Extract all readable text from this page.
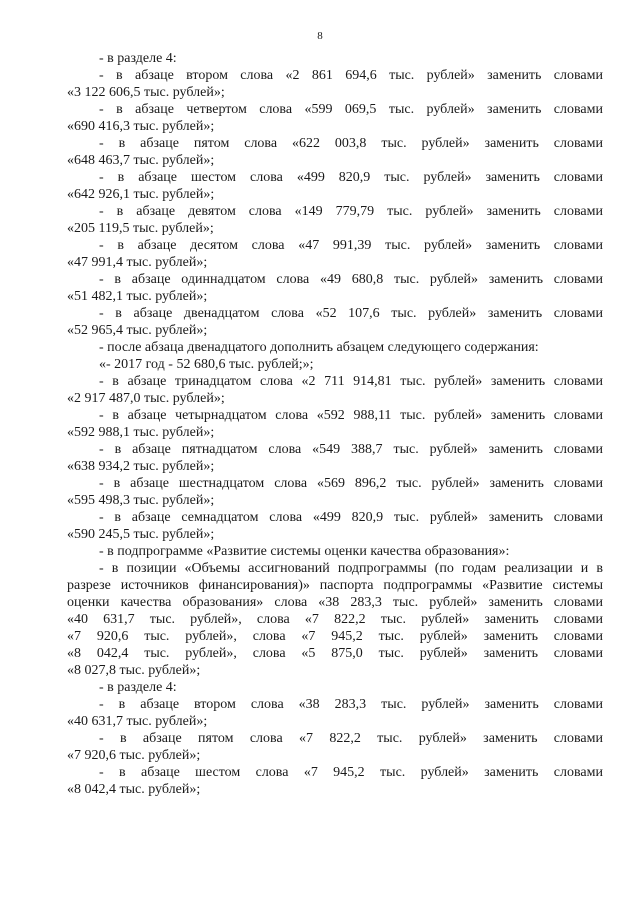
8
- в разделе 4:
- в абзаце втором слова «2 861 694,6 тыс. рублей» заменить словами
«3 122 606,5 тыс. рублей»;
- в абзаце четвертом слова «599 069,5 тыс. рублей» заменить словами
«690 416,3 тыс. рублей»;
- в абзаце пятом слова «622 003,8 тыс. рублей» заменить словами
«648 463,7 тыс. рублей»;
- в абзаце шестом слова «499 820,9 тыс. рублей» заменить словами
«642 926,1 тыс. рублей»;
- в абзаце девятом слова «149 779,79 тыс. рублей» заменить словами
«205 119,5 тыс. рублей»;
- в абзаце десятом слова «47 991,39 тыс. рублей» заменить словами
«47 991,4 тыс. рублей»;
- в абзаце одиннадцатом слова «49 680,8 тыс. рублей» заменить словами
«51 482,1 тыс. рублей»;
- в абзаце двенадцатом слова «52 107,6 тыс. рублей» заменить словами
«52 965,4 тыс. рублей»;
- после абзаца двенадцатого дополнить абзацем следующего содержания:
«- 2017 год - 52 680,6 тыс. рублей;»;
- в абзаце тринадцатом слова «2 711 914,81 тыс. рублей» заменить словами
«2 917 487,0 тыс. рублей»;
- в абзаце четырнадцатом слова «592 988,11 тыс. рублей» заменить словами
«592 988,1 тыс. рублей»;
- в абзаце пятнадцатом слова «549 388,7 тыс. рублей» заменить словами
«638 934,2 тыс. рублей»;
- в абзаце шестнадцатом слова «569 896,2 тыс. рублей» заменить словами
«595 498,3 тыс. рублей»;
- в абзаце семнадцатом слова «499 820,9 тыс. рублей» заменить словами
«590 245,5 тыс. рублей»;
- в подпрограмме «Развитие системы оценки качества образования»:
- в позиции «Объемы ассигнований подпрограммы (по годам реализации и в
разрезе источников финансирования)» паспорта подпрограммы «Развитие системы
оценки качества образования» слова «38 283,3 тыс. рублей» заменить словами
«40 631,7 тыс. рублей», слова «7 822,2 тыс. рублей» заменить словами
«7 920,6 тыс. рублей», слова «7 945,2 тыс. рублей» заменить словами
«8 042,4 тыс. рублей», слова «5 875,0 тыс. рублей» заменить словами
«8 027,8 тыс. рублей»;
- в разделе 4:
- в абзаце втором слова «38 283,3 тыс. рублей» заменить словами
«40 631,7 тыс. рублей»;
- в абзаце пятом слова «7 822,2 тыс. рублей» заменить словами
«7 920,6 тыс. рублей»;
- в абзаце шестом слова «7 945,2 тыс. рублей» заменить словами
«8 042,4 тыс. рублей»;
